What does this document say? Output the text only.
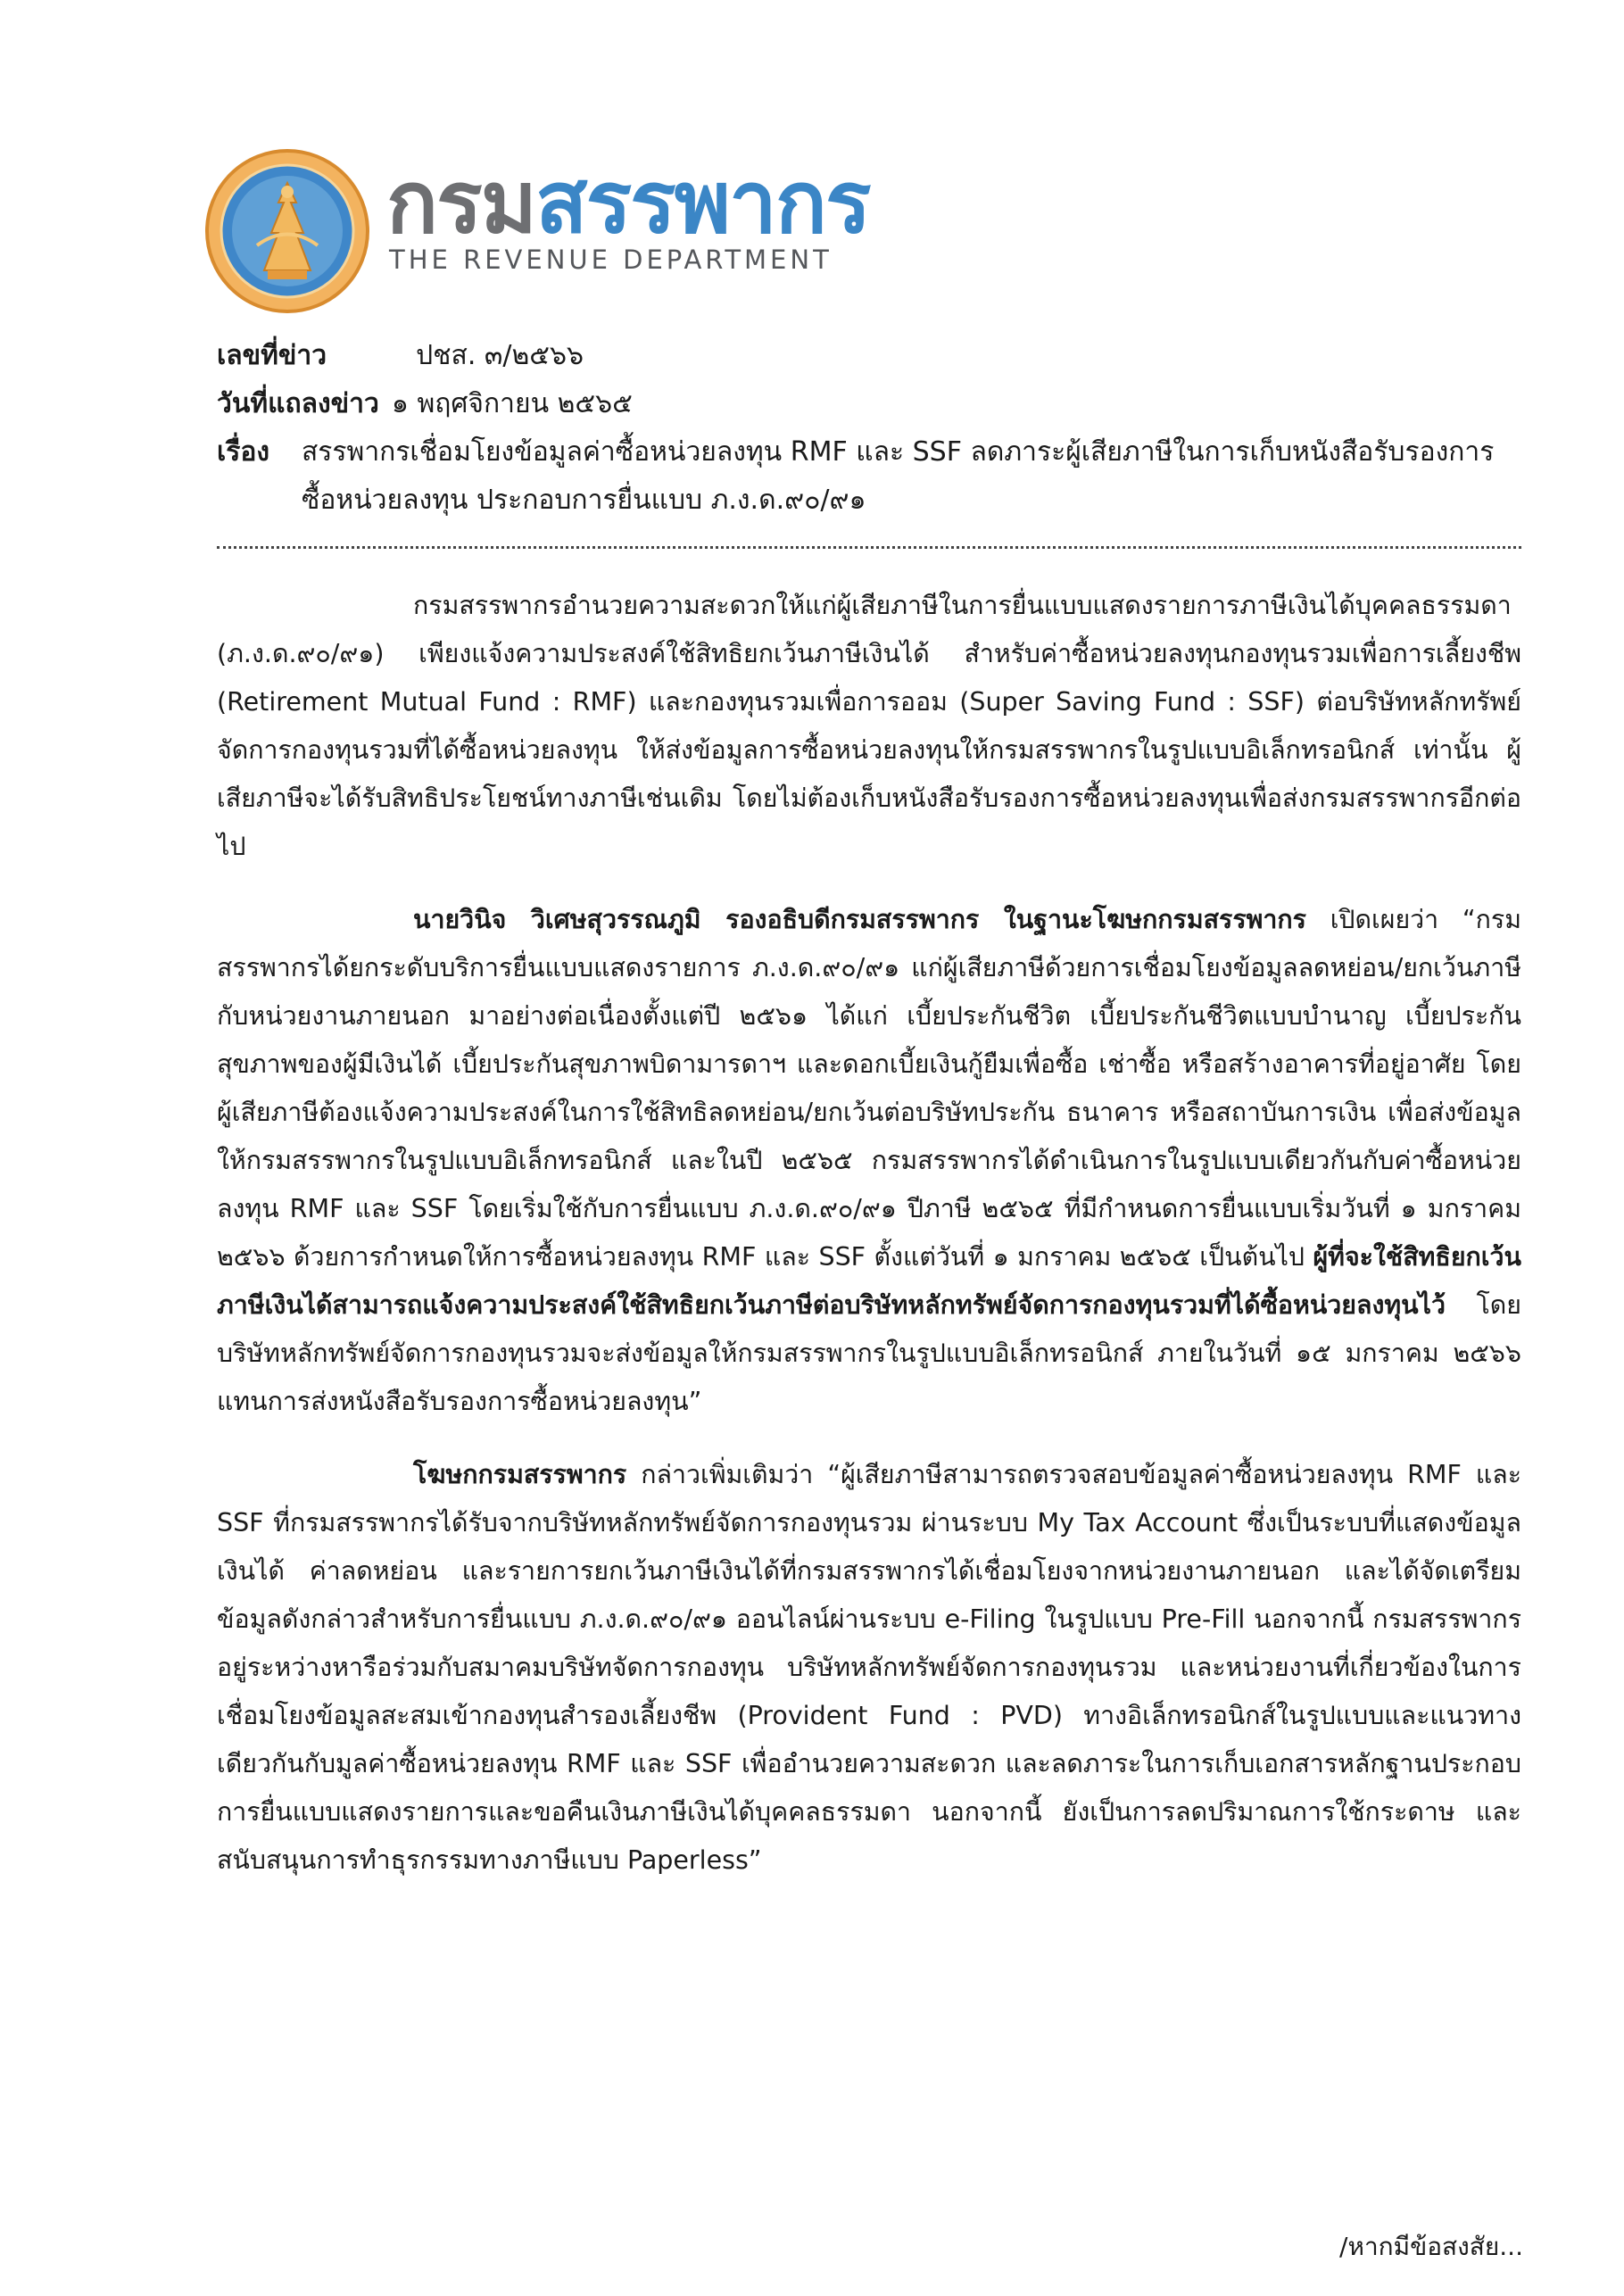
กรมสรรพากร
THE REVENUE DEPARTMENT
เลขที่ข่าว	ปชส. ๓/๒๕๖๖
วันที่แถลงข่าว ๑ พฤศจิกายน ๒๕๖๕
เรื่อง	สรรพากรเชื่อมโยงข้อมูลค่าซื้อหน่วยลงทุน RMF และ SSF ลดภาระผู้เสียภาษีในการเก็บหนังสือรับรองการซื้อหน่วยลงทุน ประกอบการยื่นแบบ ภ.ง.ด.๙๐/๙๑

กรมสรรพากรอำนวยความสะดวกให้แก่ผู้เสียภาษีในการยื่นแบบแสดงรายการภาษีเงินได้บุคคลธรรมดา (ภ.ง.ด.๙๐/๙๑) เพียงแจ้งความประสงค์ใช้สิทธิยกเว้นภาษีเงินได้ สำหรับค่าซื้อหน่วยลงทุนกองทุนรวมเพื่อการเลี้ยงชีพ (Retirement Mutual Fund : RMF) และกองทุนรวมเพื่อการออม (Super Saving Fund : SSF) ต่อบริษัทหลักทรัพย์จัดการกองทุนรวมที่ได้ซื้อหน่วยลงทุน ให้ส่งข้อมูลการซื้อหน่วยลงทุนให้กรมสรรพากรในรูปแบบอิเล็กทรอนิกส์ เท่านั้น ผู้เสียภาษีจะได้รับสิทธิประโยชน์ทางภาษีเช่นเดิม โดยไม่ต้องเก็บหนังสือรับรองการซื้อหน่วยลงทุนเพื่อส่งกรมสรรพากรอีกต่อไป

นายวินิจ วิเศษสุวรรณภูมิ รองอธิบดีกรมสรรพากร ในฐานะโฆษกกรมสรรพากร เปิดเผยว่า “กรมสรรพากรได้ยกระดับบริการยื่นแบบแสดงรายการ ภ.ง.ด.๙๐/๙๑ แก่ผู้เสียภาษีด้วยการเชื่อมโยงข้อมูลลดหย่อน/ยกเว้นภาษีกับหน่วยงานภายนอก มาอย่างต่อเนื่องตั้งแต่ปี ๒๕๖๑ ได้แก่ เบี้ยประกันชีวิต เบี้ยประกันชีวิตแบบบำนาญ เบี้ยประกันสุขภาพของผู้มีเงินได้ เบี้ยประกันสุขภาพบิดามารดาฯ และดอกเบี้ยเงินกู้ยืมเพื่อซื้อ เช่าซื้อ หรือสร้างอาคารที่อยู่อาศัย โดยผู้เสียภาษีต้องแจ้งความประสงค์ในการใช้สิทธิลดหย่อน/ยกเว้นต่อบริษัทประกัน ธนาคาร หรือสถาบันการเงิน เพื่อส่งข้อมูลให้กรมสรรพากรในรูปแบบอิเล็กทรอนิกส์ และในปี ๒๕๖๕ กรมสรรพากรได้ดำเนินการในรูปแบบเดียวกันกับค่าซื้อหน่วยลงทุน RMF และ SSF โดยเริ่มใช้กับการยื่นแบบ ภ.ง.ด.๙๐/๙๑ ปีภาษี ๒๕๖๕ ที่มีกำหนดการยื่นแบบเริ่มวันที่ ๑ มกราคม ๒๕๖๖ ด้วยการกำหนดให้การซื้อหน่วยลงทุน RMF และ SSF ตั้งแต่วันที่ ๑ มกราคม ๒๕๖๕ เป็นต้นไป ผู้ที่จะใช้สิทธิยกเว้นภาษีเงินได้สามารถแจ้งความประสงค์ใช้สิทธิยกเว้นภาษีต่อบริษัทหลักทรัพย์จัดการกองทุนรวมที่ได้ซื้อหน่วยลงทุนไว้ โดยบริษัทหลักทรัพย์จัดการกองทุนรวมจะส่งข้อมูลให้กรมสรรพากรในรูปแบบอิเล็กทรอนิกส์ ภายในวันที่ ๑๕ มกราคม ๒๕๖๖ แทนการส่งหนังสือรับรองการซื้อหน่วยลงทุน”

โฆษกกรมสรรพากร กล่าวเพิ่มเติมว่า “ผู้เสียภาษีสามารถตรวจสอบข้อมูลค่าซื้อหน่วยลงทุน RMF และ SSF ที่กรมสรรพากรได้รับจากบริษัทหลักทรัพย์จัดการกองทุนรวม ผ่านระบบ My Tax Account ซึ่งเป็นระบบที่แสดงข้อมูลเงินได้ ค่าลดหย่อน และรายการยกเว้นภาษีเงินได้ที่กรมสรรพากรได้เชื่อมโยงจากหน่วยงานภายนอก และได้จัดเตรียมข้อมูลดังกล่าวสำหรับการยื่นแบบ ภ.ง.ด.๙๐/๙๑ ออนไลน์ผ่านระบบ e-Filing ในรูปแบบ Pre-Fill นอกจากนี้ กรมสรรพากรอยู่ระหว่างหารือร่วมกับสมาคมบริษัทจัดการกองทุน บริษัทหลักทรัพย์จัดการกองทุนรวม และหน่วยงานที่เกี่ยวข้องในการเชื่อมโยงข้อมูลสะสมเข้ากองทุนสำรองเลี้ยงชีพ (Provident Fund : PVD) ทางอิเล็กทรอนิกส์ในรูปแบบและแนวทางเดียวกันกับมูลค่าซื้อหน่วยลงทุน RMF และ SSF เพื่ออำนวยความสะดวก และลดภาระในการเก็บเอกสารหลักฐานประกอบการยื่นแบบแสดงรายการและขอคืนเงินภาษีเงินได้บุคคลธรรมดา นอกจากนี้ ยังเป็นการลดปริมาณการใช้กระดาษ และสนับสนุนการทำธุรกรรมทางภาษีแบบ Paperless”

/หากมีข้อสงสัย...
